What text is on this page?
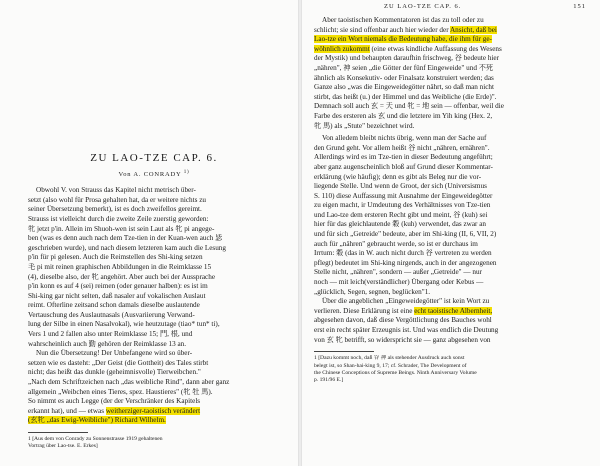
ZU LAO-TZE CAP. 6.
Von A. CONRADY $^{1)}$
Obwohl V. von Strauss das Kapitel nicht metrisch über-
setzt (also wohl für Prosa gehalten hat, da er weitere nichts zu
seiner Übersetzung bemerkt), ist es doch zweifellos gereimt.
Strauss ist vielleicht durch die zweite Zeile zuerstig geworden:
牝 jetzt p'in. Allein im Shuoh-wen ist sein Laut als 牝 pi angege-
ben (was es denn auch nach dem Tze-tien in der Kuan-wen auch 毖
geschrieben wurde), und nach diesem letzteren kam auch die Lesung
p'in für pi gelesen. Auch die Reimstellen des Shi-king setzen
毛 pi mit reinen graphischen Abbildungen in die Reimklasse 15
(4), dieselbe also, der 牝 angehört. Aber auch bei der Aussprache
p'in konn es auf 4 (sei) reimen (oder genauer halben): es ist im
Shi-king gar nicht selten, daß nasaler auf vokalischen Auslaut
reimt. Ofterline zeitsand schon damals dieselbe auslautende
Vertauschung des Auslautnasals (Ausvariierung Verwand-
lung der Silbe in einen Nasalvokal), wie heutzutage (tiao* tun* ti),
Vers 1 und 2 fallen also unter Reimklasse 15; 門, 根, und
wahrscheinlich auch 勤 gehören der Reimklasse 13 an.
Nun die Übersetzung! Der Unbefangene wird so über-
setzen wie es dasteht: „Der Geist (die Gottheit) des Tales stirbt
nicht; das heißt das dunkle (geheimnisvolle) Tierweibchen."
„Nach dem Schriftzeichen nach „das weibliche Rind", dann aber ganz
allgemein „Weibchen eines Tieres, spez. Haustieres" (牝 牡 馬).
So nimmt es auch Legge (der der Verschränker des Kapitels
erkannt hat), und — etwas weitherziger-taoistisch verändert
(玄牝 „das Ewig-Weibliche") Richard Wilhelm.
1 [Aus dem von Conrady zu Sonnenstrasse 1919 gehaltenen
Vortrag über Lao-tse. E. Erkes]
ZU LAO-TZE CAP. 6.	151
Aber taoistischen Kommentatoren ist das zu toll oder zu
schlicht; sie sind offenbar auch hier wieder der Ansicht, daß bei
Lao-tze ein Wort niemals die Bedeutung habe, die ihm für ge-
wöhnlich zukommt (eine etwas kindliche Auffassung des Wesens
der Mystik) und behaupten daraufhin frischweg, 谷 bedeute hier
„nähren", 神 seien „die Götter der fünf Eingeweide" und 不死
ähnlich als Konsekutiv- oder Finalsatz konstruiert werden; das
Ganze also „was die Eingeweidegötter nährt, so daß man nicht
stirbt, das heißt (u.) der Himmel und das Weibliche (die Erde)".
Demnach soll auch 玄 = 天 und 牝 = 地 sein — offenbar, weil die
Farbe des ersteren als 玄 und die letztere im Yih king (Hex. 2,
牝 馬) als „Stute" bezeichnet wird.
Von alledem bleibt nichts übrig, wenn man der Sache auf
den Grund geht. Vor allem heißt 谷 nicht „nähren, ernähren".
Allerdings wird es im Tze-tien in dieser Bedeutung angeführt;
aber ganz augenscheinlich bloß auf Grund dieser Kommentar-
erklärung (wie häufig); denn es gibt als Beleg nur die vor-
liegende Stelle. Und wenn de Groot, der sich (Universismus
S. 110) diese Auffassung mit Ausnahme der Eingeweidegötter
zu eigen macht, ir Umdeutung des Verhältnisses von Tze-tien
und Lao-tze dem ersteren Recht gibt und meint, 谷 (kuh) sei
hier für das gleichlautende 穀 (kuh) verwendet, das zwar an
und für sich „Getreide" bedeute, aber im Shi-king (II, 6, VII, 2)
auch für „nähren" gebraucht werde, so ist er durchaus im
Irrtum: 穀 (das in W. auch nicht durch 谷 vertreten zu werden
pflegt) bedeutet im Shi-king nirgends, auch in der angezogenen
Stelle nicht, „nähren", sondern — außer „Getreide" — nur
noch — mit leich(verständlicher) Übergang oder Kebus —
„glücklich, Segen, segnen, beglücken"1.
Über die angeblichen „Eingeweidegötter" ist kein Wort zu
verlieren. Diese Erklärung ist eine echt taoistische Albernheit,
abgesehen davon, daß diese Vergöttlichung des Bauches wohl
erst ein recht später Erzeugnis ist. Und was endlich die Deutung
von 玄 牝 betrifft, so widerspricht sie — ganz abgesehen von
1 [Dazu kommt noch, daß 谷 神 als stehender Ausdruck auch sonst
belegt ist, so Shan-hai-king 9, 17; cf. Schrader, The Development of
the Chinese Conceptions of Supreme Beings. Ninth Anniversary Volume
p. 191/96 E.]
